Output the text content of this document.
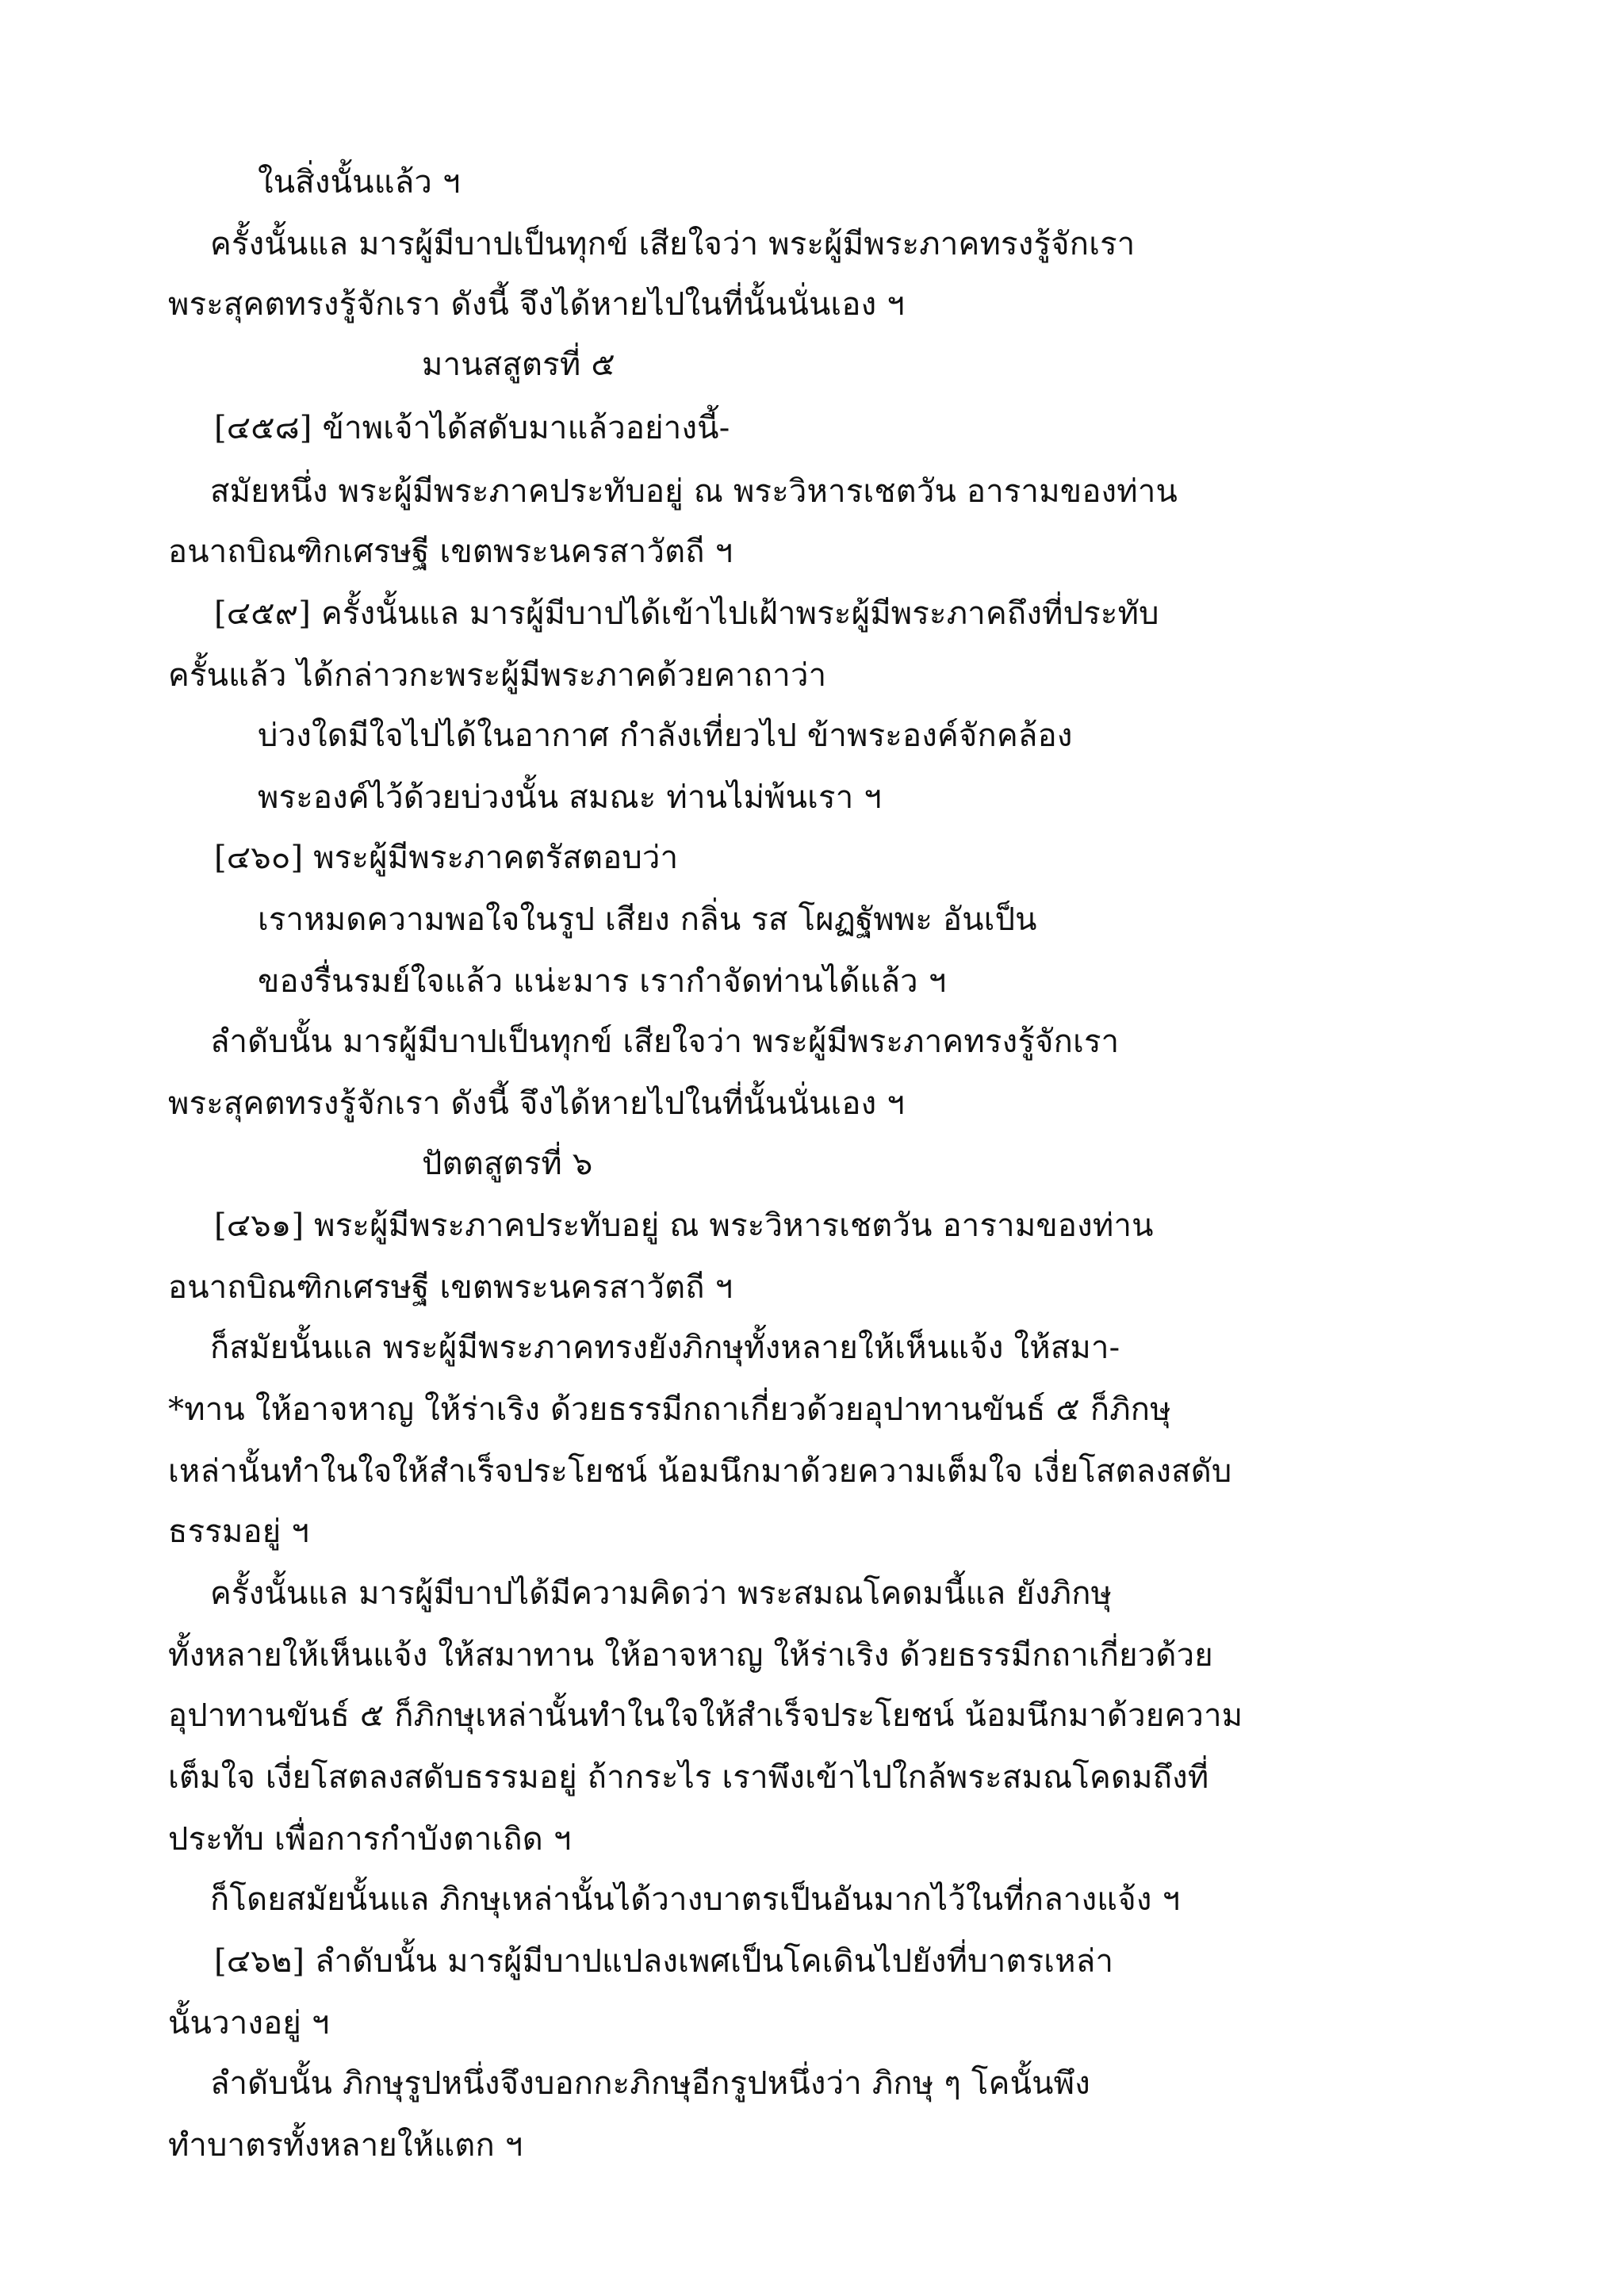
ในสิ่งนั้นแล้ว ฯ
ครั้งนั้นแล มารผู้มีบาปเป็นทุกข์ เสียใจว่า พระผู้มีพระภาคทรงรู้จักเรา
พระสุคตทรงรู้จักเรา ดังนี้ จึงได้หายไปในที่นั้นนั่นเอง ฯ
มานสสูตรที่ ๕
[๔๕๘] ข้าพเจ้าได้สดับมาแล้วอย่างนี้-
สมัยหนึ่ง พระผู้มีพระภาคประทับอยู่ ณ พระวิหารเชตวัน อารามของท่าน
อนาถบิณฑิกเศรษฐี เขตพระนครสาวัตถี ฯ
[๔๕๙] ครั้งนั้นแล มารผู้มีบาปได้เข้าไปเฝ้าพระผู้มีพระภาคถึงที่ประทับ
ครั้นแล้ว ได้กล่าวกะพระผู้มีพระภาคด้วยคาถาว่า
บ่วงใดมีใจไปได้ในอากาศ กำลังเที่ยวไป ข้าพระองค์จักคล้อง
พระองค์ไว้ด้วยบ่วงนั้น สมณะ ท่านไม่พ้นเรา ฯ
[๔๖๐] พระผู้มีพระภาคตรัสตอบว่า
เราหมดความพอใจในรูป เสียง กลิ่น รส โผฏฐัพพะ อันเป็น
ของรื่นรมย์ใจแล้ว แน่ะมาร เรากำจัดท่านได้แล้ว ฯ
ลำดับนั้น มารผู้มีบาปเป็นทุกข์ เสียใจว่า พระผู้มีพระภาคทรงรู้จักเรา
พระสุคตทรงรู้จักเรา ดังนี้ จึงได้หายไปในที่นั้นนั่นเอง ฯ
ปัตตสูตรที่ ๖
[๔๖๑] พระผู้มีพระภาคประทับอยู่ ณ พระวิหารเชตวัน อารามของท่าน
อนาถบิณฑิกเศรษฐี เขตพระนครสาวัตถี ฯ
ก็สมัยนั้นแล พระผู้มีพระภาคทรงยังภิกษุทั้งหลายให้เห็นแจ้ง ให้สมา-
*ทาน ให้อาจหาญ ให้ร่าเริง ด้วยธรรมีกถาเกี่ยวด้วยอุปาทานขันธ์ ๕ ก็ภิกษุ
เหล่านั้นทำในใจให้สำเร็จประโยชน์ น้อมนึกมาด้วยความเต็มใจ เงี่ยโสตลงสดับ
ธรรมอยู่ ฯ
ครั้งนั้นแล มารผู้มีบาปได้มีความคิดว่า พระสมณโคดมนี้แล ยังภิกษุ
ทั้งหลายให้เห็นแจ้ง ให้สมาทาน ให้อาจหาญ ให้ร่าเริง ด้วยธรรมีกถาเกี่ยวด้วย
อุปาทานขันธ์ ๕ ก็ภิกษุเหล่านั้นทำในใจให้สำเร็จประโยชน์ น้อมนึกมาด้วยความ
เต็มใจ เงี่ยโสตลงสดับธรรมอยู่ ถ้ากระไร เราพึงเข้าไปใกล้พระสมณโคดมถึงที่
ประทับ เพื่อการกำบังตาเถิด ฯ
ก็โดยสมัยนั้นแล ภิกษุเหล่านั้นได้วางบาตรเป็นอันมากไว้ในที่กลางแจ้ง ฯ
[๔๖๒] ลำดับนั้น มารผู้มีบาปแปลงเพศเป็นโคเดินไปยังที่บาตรเหล่า
นั้นวางอยู่ ฯ
ลำดับนั้น ภิกษุรูปหนึ่งจึงบอกกะภิกษุอีกรูปหนึ่งว่า ภิกษุ ๆ โคนั้นพึง
ทำบาตรทั้งหลายให้แตก ฯ
